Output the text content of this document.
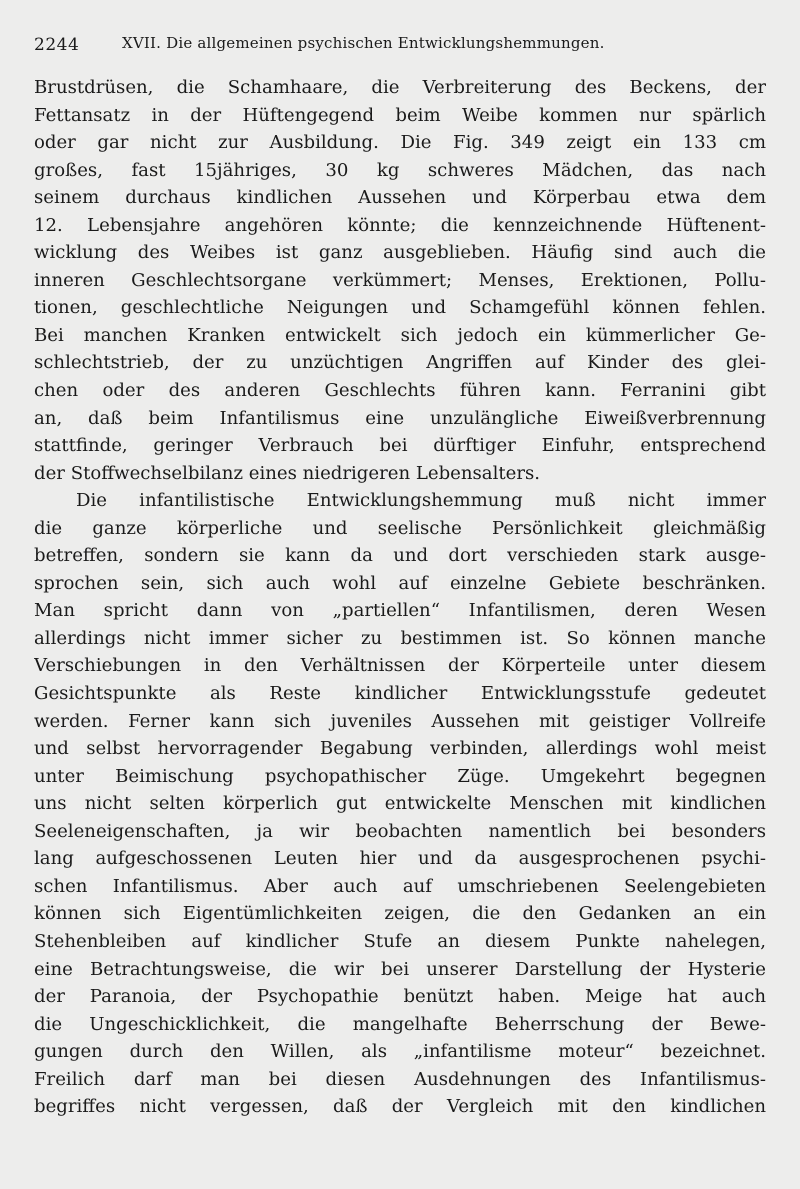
2244	XVII. Die allgemeinen psychischen Entwicklungshemmungen.
Brustdrüsen, die Schamhaare, die Verbreiterung des Beckens, der
Fettansatz in der Hüftengegend beim Weibe kommen nur spärlich
oder gar nicht zur Ausbildung. Die Fig. 349 zeigt ein 133 cm
großes, fast 15jähriges, 30 kg schweres Mädchen, das nach
seinem durchaus kindlichen Aussehen und Körperbau etwa dem
12. Lebensjahre angehören könnte; die kennzeichnende Hüftenent-
wicklung des Weibes ist ganz ausgeblieben. Häufig sind auch die
inneren Geschlechtsorgane verkümmert; Menses, Erektionen, Pollu-
tionen, geschlechtliche Neigungen und Schamgefühl können fehlen.
Bei manchen Kranken entwickelt sich jedoch ein kümmerlicher Ge-
schlechtstrieb, der zu unzüchtigen Angriffen auf Kinder des glei-
chen oder des anderen Geschlechts führen kann. Ferranini gibt
an, daß beim Infantilismus eine unzulängliche Eiweißverbrennung
stattfinde, geringer Verbrauch bei dürftiger Einfuhr, entsprechend
der Stoffwechselbilanz eines niedrigeren Lebensalters.
Die infantilistische Entwicklungshemmung muß nicht immer
die ganze körperliche und seelische Persönlichkeit gleichmäßig
betreffen, sondern sie kann da und dort verschieden stark ausge-
sprochen sein, sich auch wohl auf einzelne Gebiete beschränken.
Man spricht dann von „partiellen“ Infantilismen, deren Wesen
allerdings nicht immer sicher zu bestimmen ist. So können manche
Verschiebungen in den Verhältnissen der Körperteile unter diesem
Gesichtspunkte als Reste kindlicher Entwicklungsstufe gedeutet
werden. Ferner kann sich juveniles Aussehen mit geistiger Vollreife
und selbst hervorragender Begabung verbinden, allerdings wohl meist
unter Beimischung psychopathischer Züge. Umgekehrt begegnen
uns nicht selten körperlich gut entwickelte Menschen mit kindlichen
Seeleneigenschaften, ja wir beobachten namentlich bei besonders
lang aufgeschossenen Leuten hier und da ausgesprochenen psychi-
schen Infantilismus. Aber auch auf umschriebenen Seelengebieten
können sich Eigentümlichkeiten zeigen, die den Gedanken an ein
Stehenbleiben auf kindlicher Stufe an diesem Punkte nahelegen,
eine Betrachtungsweise, die wir bei unserer Darstellung der Hysterie
der Paranoia, der Psychopathie benützt haben. Meige hat auch
die Ungeschicklichkeit, die mangelhafte Beherrschung der Bewe-
gungen durch den Willen, als „infantilisme moteur“ bezeichnet.
Freilich darf man bei diesen Ausdehnungen des Infantilismus-
begriffes nicht vergessen, daß der Vergleich mit den kindlichen
